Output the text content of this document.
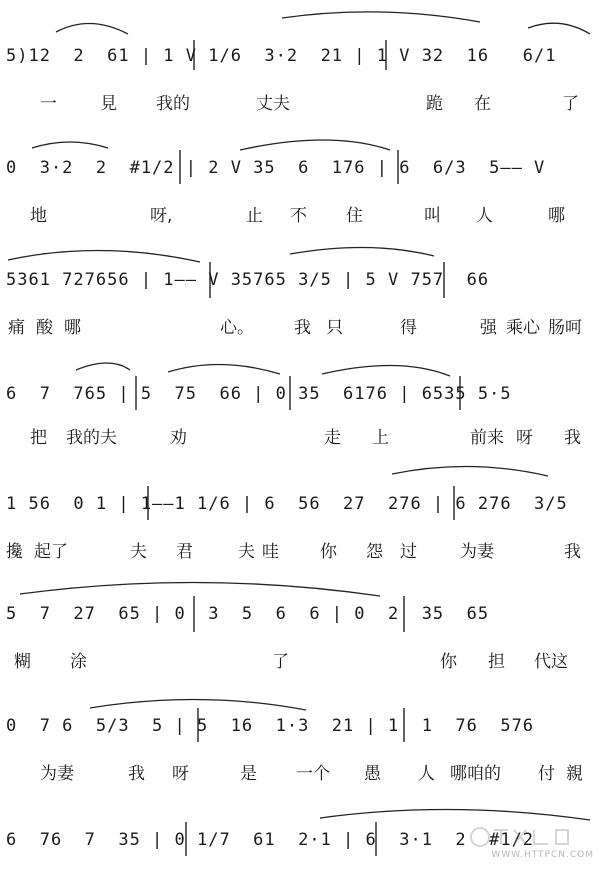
5)12  2  61 | 1 V 1/6  3·2  21 | 1 V 32  16   6/1

一

	見

我的

	丈夫

	跪

在

	了

0  3·2  2  #1/2 | 2 V 35  6  176 | 6  6/3  5—— V

地

	呀,

	止

不

住

	叫

人

	哪

5361 727656 | 1—— V 35765 3/5 | 5 V 757  66

痛

酸

哪

	心。

我

只

	得

	强

乘心

肠呵

6  7  765 | 5  75  66 | 0 35  6176 | 6535 5·5

把

我的夫

	劝

	走

上

	前来

呀

我

1 56  0 1 | 1——1 1/6 | 6  56  27  276 | 6 276  3/5

攙

起了

	夫

君

	夫

哇

你

怨

过

	为妻

	我

5  7  27  65 | 0  3  5  6  6 | 0  2  35  65

糊

涂

	了

	你

担

代这

0  7 6  5/3  5 | 5  16  1·3  21 | 1  1  76  576

为妻

	我

呀

	是

一个

愚

人

哪咱的

付

親

6  76  7  35 | 0 1/7  61  2·1 | 6  3·1  2  #1/2
WWW.HTTPCN.COM
